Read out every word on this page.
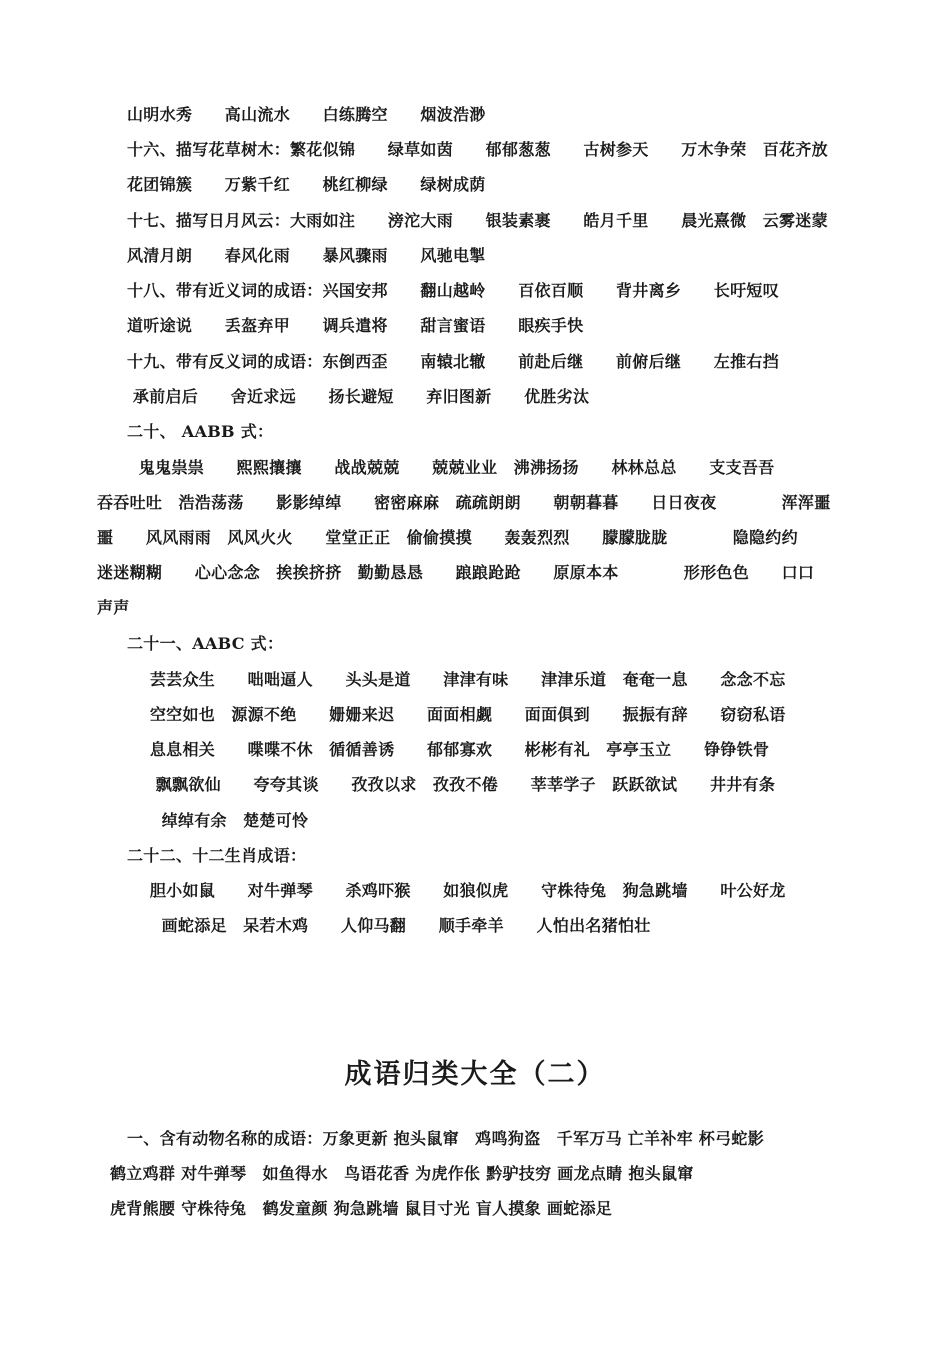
山明水秀　　高山流水　　白练腾空　　烟波浩渺
十六、描写花草树木：繁花似锦　　绿草如茵　　郁郁葱葱　　古树参天　　万木争荣　百花齐放
花团锦簇　　万紫千红　　桃红柳绿　　绿树成荫
十七、描写日月风云：大雨如注　　滂沱大雨　　银装素裹　　皓月千里　　晨光熹微　云雾迷蒙
风清月朗　　春风化雨　　暴风骤雨　　风驰电掣
十八、带有近义词的成语：兴国安邦　　翻山越岭　　百依百顺　　背井离乡　　长吁短叹
道听途说　　丢盔弃甲　　调兵遣将　　甜言蜜语　　眼疾手快
十九、带有反义词的成语：东倒西歪　　南辕北辙　　前赴后继　　前俯后继　　左推右挡
承前启后　　舍近求远　　扬长避短　　弃旧图新　　优胜劣汰
二十、 AABB 式：
鬼鬼祟祟　　熙熙攘攘　　战战兢兢　　兢兢业业　沸沸扬扬　　林林总总　　支支吾吾
吞吞吐吐　浩浩荡荡　　影影绰绰　　密密麻麻　疏疏朗朗　　朝朝暮暮　　日日夜夜　　　　浑浑噩
噩　　风风雨雨　风风火火　　堂堂正正　偷偷摸摸　　轰轰烈烈　　朦朦胧胧　　　　隐隐约约
迷迷糊糊　　心心念念　挨挨挤挤　勤勤恳恳　　踉踉跄跄　　原原本本　　　　形形色色　　口口
声声
二十一、AABC 式：
芸芸众生　　咄咄逼人　　头头是道　　津津有味　　津津乐道　奄奄一息　　念念不忘
空空如也　源源不绝　　姗姗来迟　　面面相觑　　面面俱到　　振振有辞　　窃窃私语
息息相关　　喋喋不休　循循善诱　　郁郁寡欢　　彬彬有礼　亭亭玉立　　铮铮铁骨
飘飘欲仙　　夸夸其谈　　孜孜以求　孜孜不倦　　莘莘学子　跃跃欲试　　井井有条
绰绰有余　楚楚可怜
二十二、十二生肖成语：
胆小如鼠　　对牛弹琴　　杀鸡吓猴　　如狼似虎　　守株待兔　狗急跳墙　　叶公好龙
画蛇添足　呆若木鸡　　人仰马翻　　顺手牵羊　　人怕出名猪怕壮
成语归类大全（二）
一、含有动物名称的成语：万象更新 抱头鼠窜　鸡鸣狗盗　千军万马 亡羊补牢 杯弓蛇影
鹤立鸡群 对牛弹琴　如鱼得水　鸟语花香 为虎作伥 黔驴技穷 画龙点睛 抱头鼠窜
虎背熊腰 守株待兔　鹤发童颜 狗急跳墙 鼠目寸光 盲人摸象 画蛇添足
